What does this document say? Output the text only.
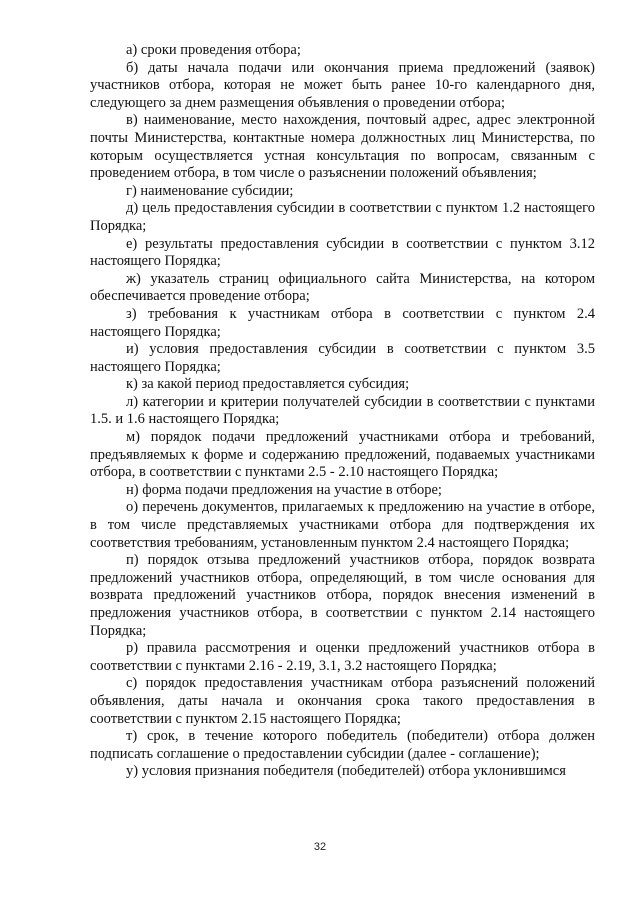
а) сроки проведения отбора;

б) даты начала подачи или окончания приема предложений (заявок) участников отбора, которая не может быть ранее 10-го календарного дня, следующего за днем размещения объявления о проведении отбора;

в) наименование, место нахождения, почтовый адрес, адрес электронной почты Министерства, контактные номера должностных лиц Министерства, по которым осуществляется устная консультация по вопросам, связанным с проведением отбора, в том числе о разъяснении положений объявления;

г) наименование субсидии;

д) цель предоставления субсидии в соответствии с пунктом 1.2 настоящего Порядка;

е) результаты предоставления субсидии в соответствии с пунктом 3.12 настоящего Порядка;

ж) указатель страниц официального сайта Министерства, на котором обеспечивается проведение отбора;

з) требования к участникам отбора в соответствии с пунктом 2.4 настоящего Порядка;

и) условия предоставления субсидии в соответствии с пунктом 3.5 настоящего Порядка;

к) за какой период предоставляется субсидия;

л) категории и критерии получателей субсидии в соответствии с пунктами 1.5. и 1.6 настоящего Порядка;

м) порядок подачи предложений участниками отбора и требований, предъявляемых к форме и содержанию предложений, подаваемых участниками отбора, в соответствии с пунктами 2.5 - 2.10 настоящего Порядка;

н) форма подачи предложения на участие в отборе;

о) перечень документов, прилагаемых к предложению на участие в отборе, в том числе представляемых участниками отбора для подтверждения их соответствия требованиям, установленным пунктом 2.4 настоящего Порядка;

п) порядок отзыва предложений участников отбора, порядок возврата предложений участников отбора, определяющий, в том числе основания для возврата предложений участников отбора, порядок внесения изменений в предложения участников отбора, в соответствии с пунктом 2.14 настоящего Порядка;

р) правила рассмотрения и оценки предложений участников отбора в соответствии с пунктами 2.16 - 2.19, 3.1, 3.2 настоящего Порядка;

с) порядок предоставления участникам отбора разъяснений положений объявления, даты начала и окончания срока такого предоставления в соответствии с пунктом 2.15 настоящего Порядка;

т) срок, в течение которого победитель (победители) отбора должен подписать соглашение о предоставлении субсидии (далее - соглашение);

у) условия признания победителя (победителей) отбора уклонившимся

32
